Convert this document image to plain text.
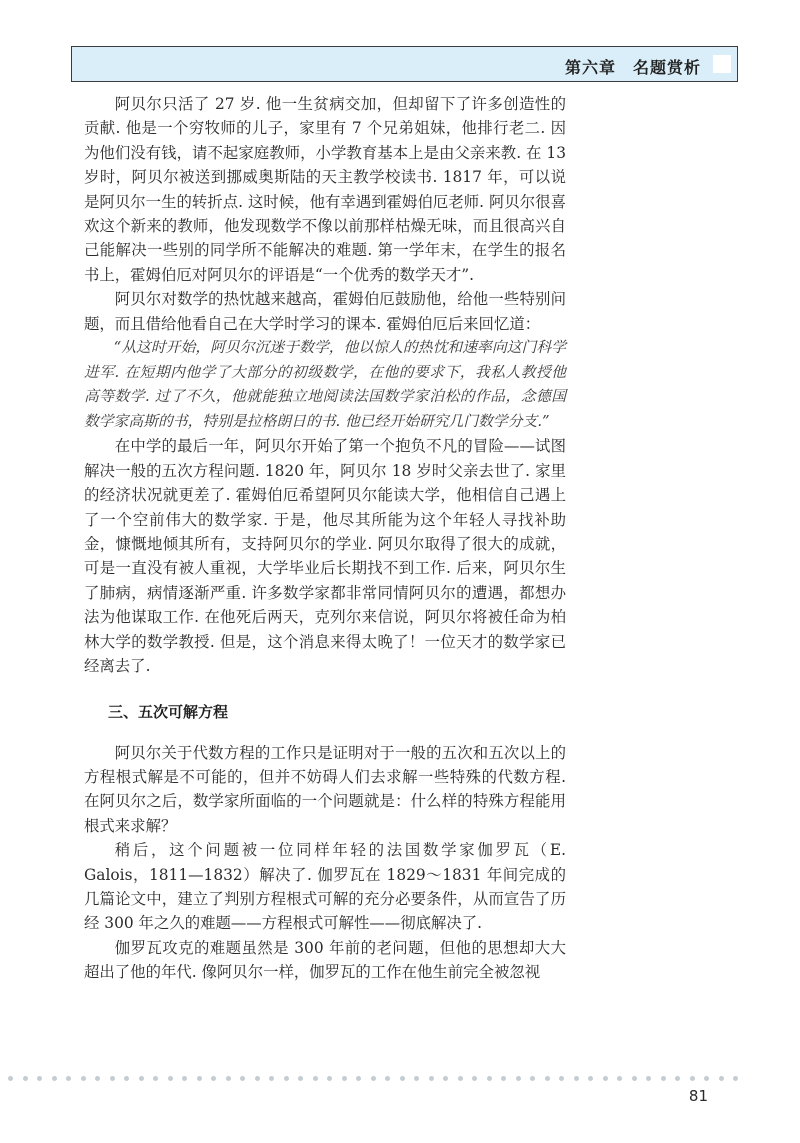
第六章　名题赏析

阿贝尔只活了 27 岁. 他一生贫病交加，但却留下了许多创造性的贡献. 他是一个穷牧师的儿子，家里有 7 个兄弟姐妹，他排行老二. 因为他们没有钱，请不起家庭教师，小学教育基本上是由父亲来教. 在 13 岁时，阿贝尔被送到挪威奥斯陆的天主教学校读书. 1817 年，可以说是阿贝尔一生的转折点. 这时候，他有幸遇到霍姆伯厄老师. 阿贝尔很喜欢这个新来的教师，他发现数学不像以前那样枯燥无味，而且很高兴自己能解决一些别的同学所不能解决的难题. 第一学年末，在学生的报名书上，霍姆伯厄对阿贝尔的评语是“一个优秀的数学天才”.

阿贝尔对数学的热忱越来越高，霍姆伯厄鼓励他，给他一些特别问题，而且借给他看自己在大学时学习的课本. 霍姆伯厄后来回忆道：

“从这时开始，阿贝尔沉迷于数学，他以惊人的热忱和速率向这门科学进军. 在短期内他学了大部分的初级数学，在他的要求下，我私人教授他高等数学. 过了不久，他就能独立地阅读法国数学家泊松的作品，念德国数学家高斯的书，特别是拉格朗日的书. 他已经开始研究几门数学分支.”

在中学的最后一年，阿贝尔开始了第一个抱负不凡的冒险——试图解决一般的五次方程问题. 1820 年，阿贝尔 18 岁时父亲去世了. 家里的经济状况就更差了. 霍姆伯厄希望阿贝尔能读大学，他相信自己遇上了一个空前伟大的数学家. 于是，他尽其所能为这个年轻人寻找补助金，慷慨地倾其所有，支持阿贝尔的学业. 阿贝尔取得了很大的成就，可是一直没有被人重视，大学毕业后长期找不到工作. 后来，阿贝尔生了肺病，病情逐渐严重. 许多数学家都非常同情阿贝尔的遭遇，都想办法为他谋取工作. 在他死后两天，克列尔来信说，阿贝尔将被任命为柏林大学的数学教授. 但是，这个消息来得太晚了！一位天才的数学家已经离去了.

三、五次可解方程

阿贝尔关于代数方程的工作只是证明对于一般的五次和五次以上的方程根式解是不可能的，但并不妨碍人们去求解一些特殊的代数方程. 在阿贝尔之后，数学家所面临的一个问题就是：什么样的特殊方程能用根式来求解？

稍后，这个问题被一位同样年轻的法国数学家伽罗瓦（E. Galois，1811—1832）解决了. 伽罗瓦在 1829～1831 年间完成的几篇论文中，建立了判别方程根式可解的充分必要条件，从而宣告了历经 300 年之久的难题——方程根式可解性——彻底解决了.

伽罗瓦攻克的难题虽然是 300 年前的老问题，但他的思想却大大超出了他的年代. 像阿贝尔一样，伽罗瓦的工作在他生前完全被忽视

81
